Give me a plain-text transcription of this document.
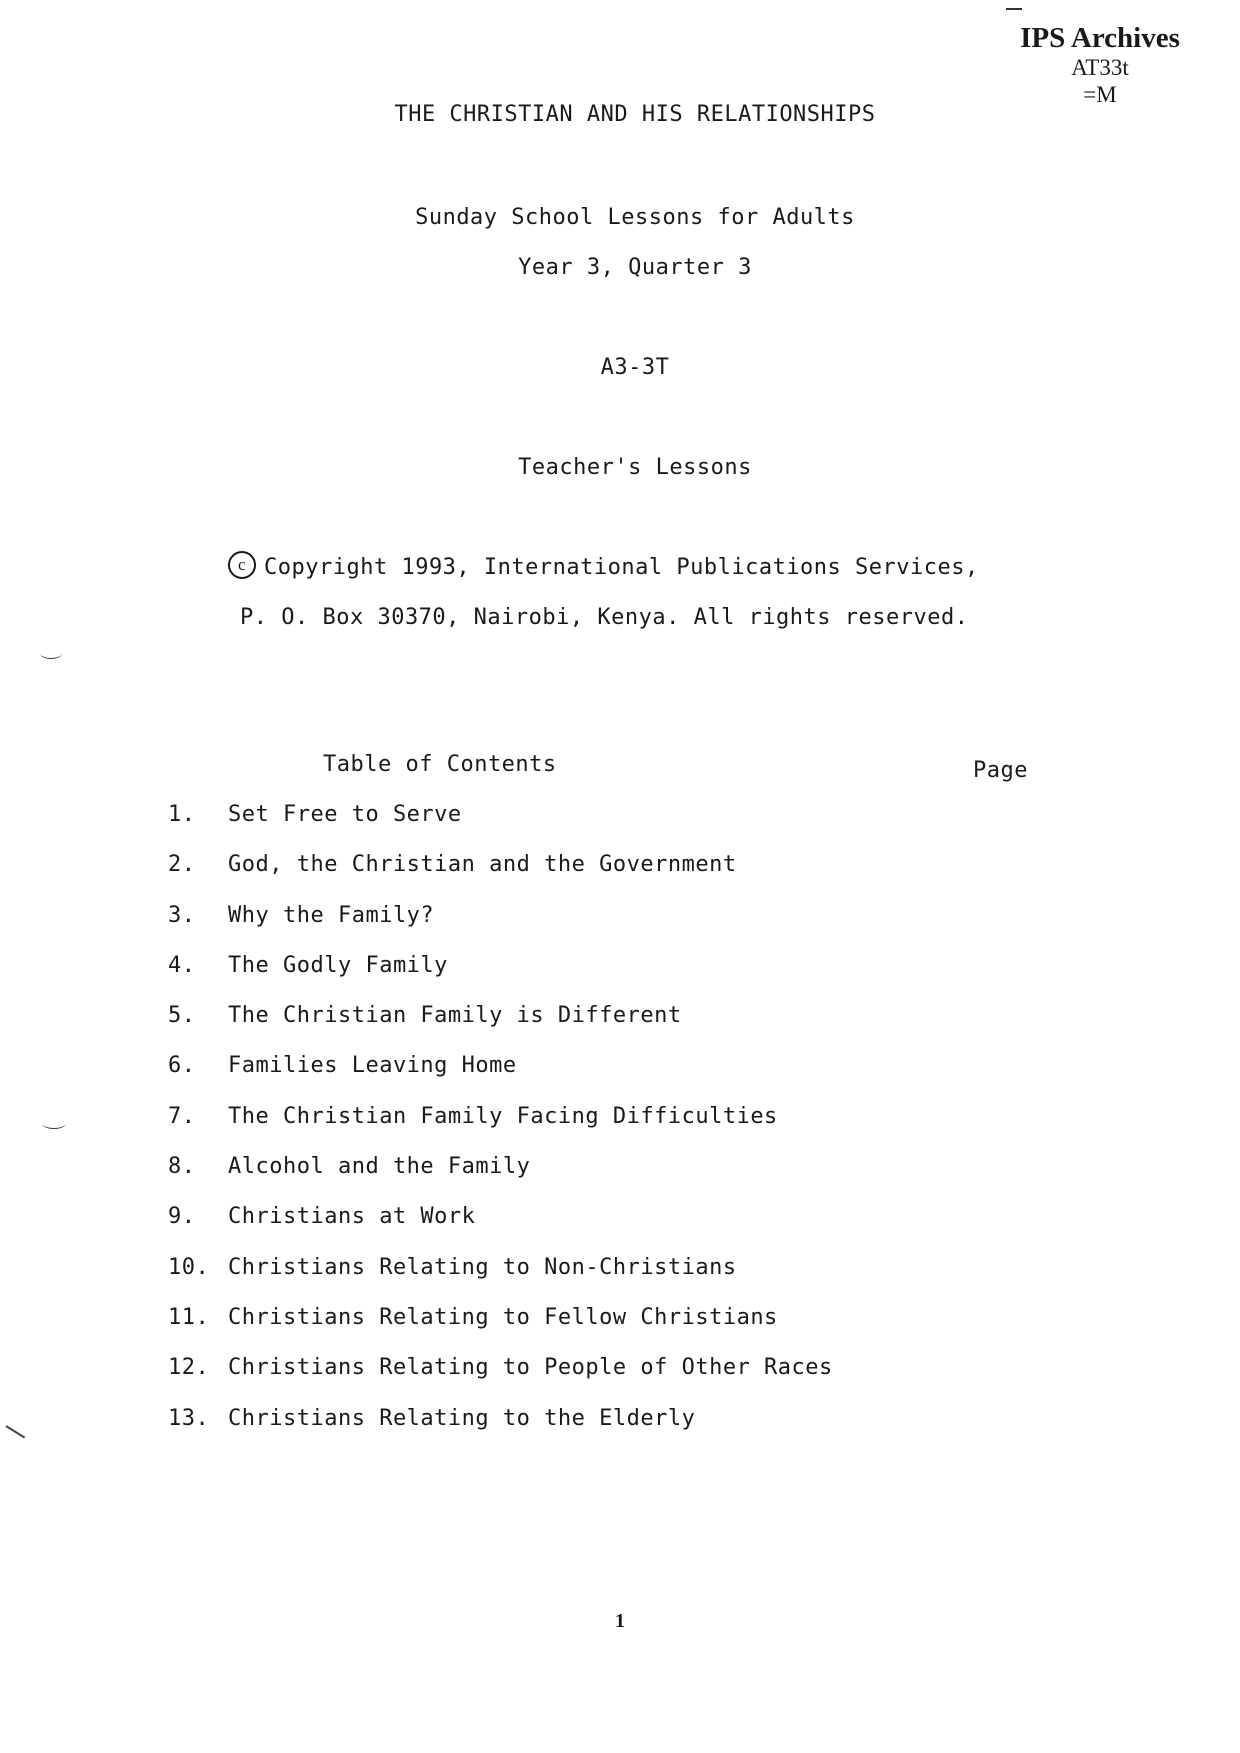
IPS Archives
AT33t
=M
THE CHRISTIAN AND HIS RELATIONSHIPS
Sunday School Lessons for Adults
Year 3, Quarter 3
A3-3T
Teacher's Lessons
c Copyright 1993, International Publications Services,
P. O. Box 30370, Nairobi, Kenya. All rights reserved.
Table of Contents	Page
1.	Set Free to Serve
2.	God, the Christian and the Government
3.	Why the Family?
4.	The Godly Family
5.	The Christian Family is Different
6.	Families Leaving Home
7.	The Christian Family Facing Difficulties
8.	Alcohol and the Family
9.	Christians at Work
10. Christians Relating to Non-Christians
11. Christians Relating to Fellow Christians
12. Christians Relating to People of Other Races
13. Christians Relating to the Elderly
1
